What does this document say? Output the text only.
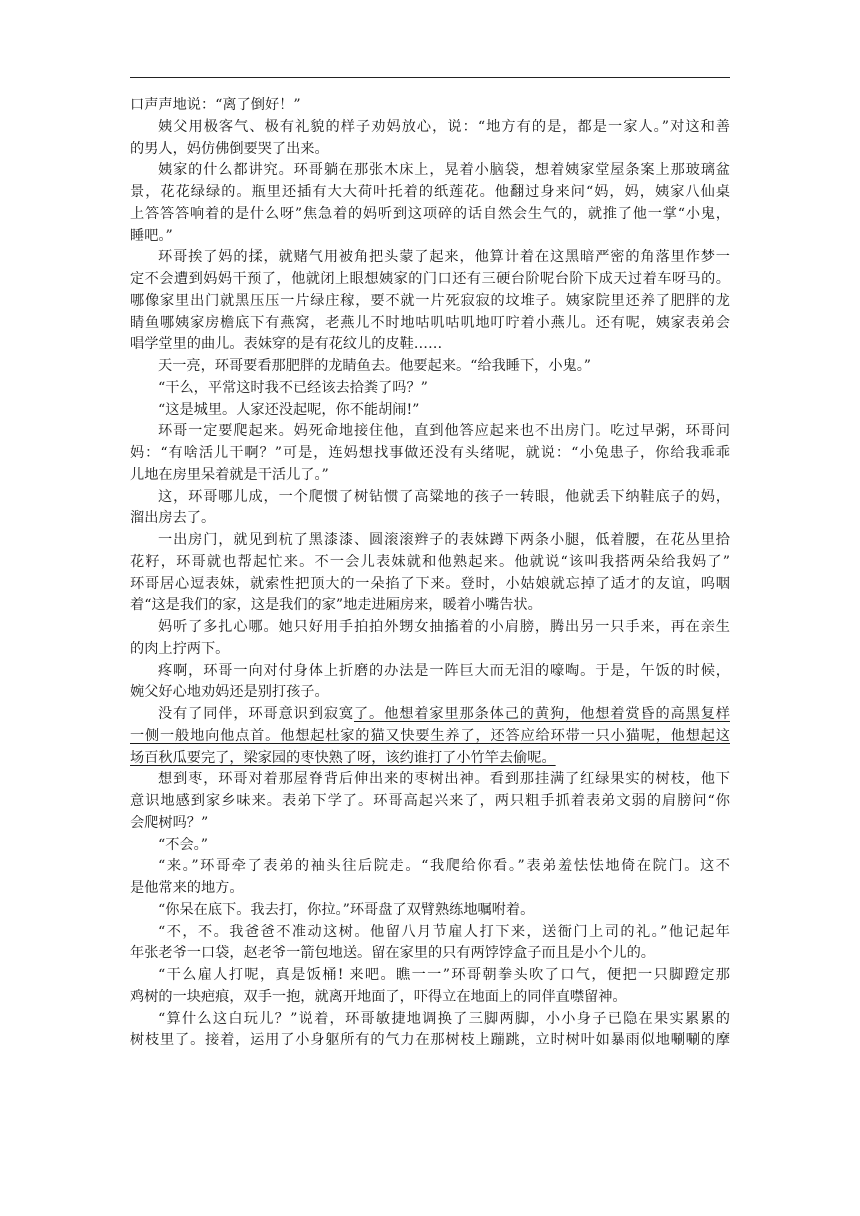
口声声地说：“离了倒好！”
姨父用极客气、极有礼貌的样子劝妈放心，说：“地方有的是，都是一家人。”对这和善
的男人，妈仿佛倒要哭了出来。
姨家的什么都讲究。环哥躺在那张木床上，晃着小脑袋，想着姨家堂屋条案上那玻璃盆
景，花花绿绿的。瓶里还插有大大荷叶托着的纸莲花。他翻过身来问“妈，妈，姨家八仙桌
上答答答响着的是什么呀”焦急着的妈听到这项碎的话自然会生气的，就推了他一掌“小鬼，
睡吧。”
环哥挨了妈的揉，就赌气用被角把头蒙了起来，他算计着在这黑暗严密的角落里作梦一
定不会遭到妈妈干预了，他就闭上眼想姨家的门口还有三硬台阶呢台阶下成天过着车呀马的。
哪像家里出门就黑压压一片绿庄稼，要不就一片死寂寂的坟堆子。姨家院里还养了肥胖的龙
睛鱼哪姨家房檐底下有燕窝，老燕儿不时地咕叽咕叽地叮咛着小燕儿。还有呢，姨家表弟会
唱学堂里的曲儿。表妹穿的是有花纹儿的皮鞋……
天一亮，环哥要看那肥胖的龙睛鱼去。他要起来。“给我睡下，小鬼。”
“干么，平常这时我不已经该去拾粪了吗？”
“这是城里。人家还没起呢，你不能胡闹!”
环哥一定要爬起来。妈死命地接住他，直到他答应起来也不出房门。吃过早粥，环哥问
妈：“有啥活儿干啊？”可是，连妈想找事做还没有头绪呢，就说：“小兔患子，你给我乖乖
儿地在房里呆着就是干活儿了。”
这，环哥哪儿成，一个爬惯了树钻惯了高粱地的孩子一转眼，他就丢下纳鞋底子的妈，
溜出房去了。
一出房门，就见到杭了黑漆漆、圆滚滚辫子的表妹蹲下两条小腿，低着腰，在花丛里拾
花籽，环哥就也帮起忙来。不一会儿表妹就和他熟起来。他就说“该叫我搭两朵给我妈了”
环哥居心逗表妹，就索性把顶大的一朵掐了下来。登时，小姑娘就忘掉了适才的友谊，呜咽
着“这是我们的家，这是我们的家”地走进厢房来，暖着小嘴告状。
妈听了多扎心哪。她只好用手拍拍外甥女抽搐着的小肩膀，腾出另一只手来，再在亲生
的肉上拧两下。
疼啊，环哥一向对付身体上折磨的办法是一阵巨大而无泪的嚎啕。于是，午饭的时候，
婉父好心地劝妈还是别打孩子。
没有了同伴，环哥意识到寂寞了。他想着家里那条体己的黄狗，他想着赏昏的高黑复样
一侧一般地向他点首。他想起杜家的猫又快要生养了，还答应给环带一只小猫呢，他想起这
场百秋瓜要完了，梁家园的枣快熟了呀，该约谁打了小竹竿去偷呢。
想到枣，环哥对着那屋脊背后伸出来的枣树出神。看到那挂满了红绿果实的树枝，他下
意识地感到家乡味来。表弟下学了。环哥高起兴来了，两只粗手抓着表弟文弱的肩膀问“你
会爬树吗？”
“不会。”
“来。”环哥牵了表弟的袖头往后院走。“我爬给你看。”表弟羞怯怯地倚在院门。这不
是他常来的地方。
“你呆在底下。我去打，你拉。”环哥盘了双臂熟练地嘱咐着。
“不，不。我爸爸不准动这树。他留八月节雇人打下来，送衙门上司的礼。”他记起年
年张老爷一口袋，赵老爷一箭包地送。留在家里的只有两饽饽盒子而且是小个儿的。
“干么雇人打呢，真是饭桶! 来吧。瞧一一”环哥朝拳头吹了口气，便把一只脚蹬定那
鸡树的一块疤痕，双手一抱，就离开地面了，吓得立在地面上的同伴直噤留神。
“算什么这白玩儿？”说着，环哥敏捷地调换了三脚两脚，小小身子已隐在果实累累的
树枝里了。接着，运用了小身躯所有的气力在那树枝上蹦跳，立时树叶如暴雨似地唰唰的摩
